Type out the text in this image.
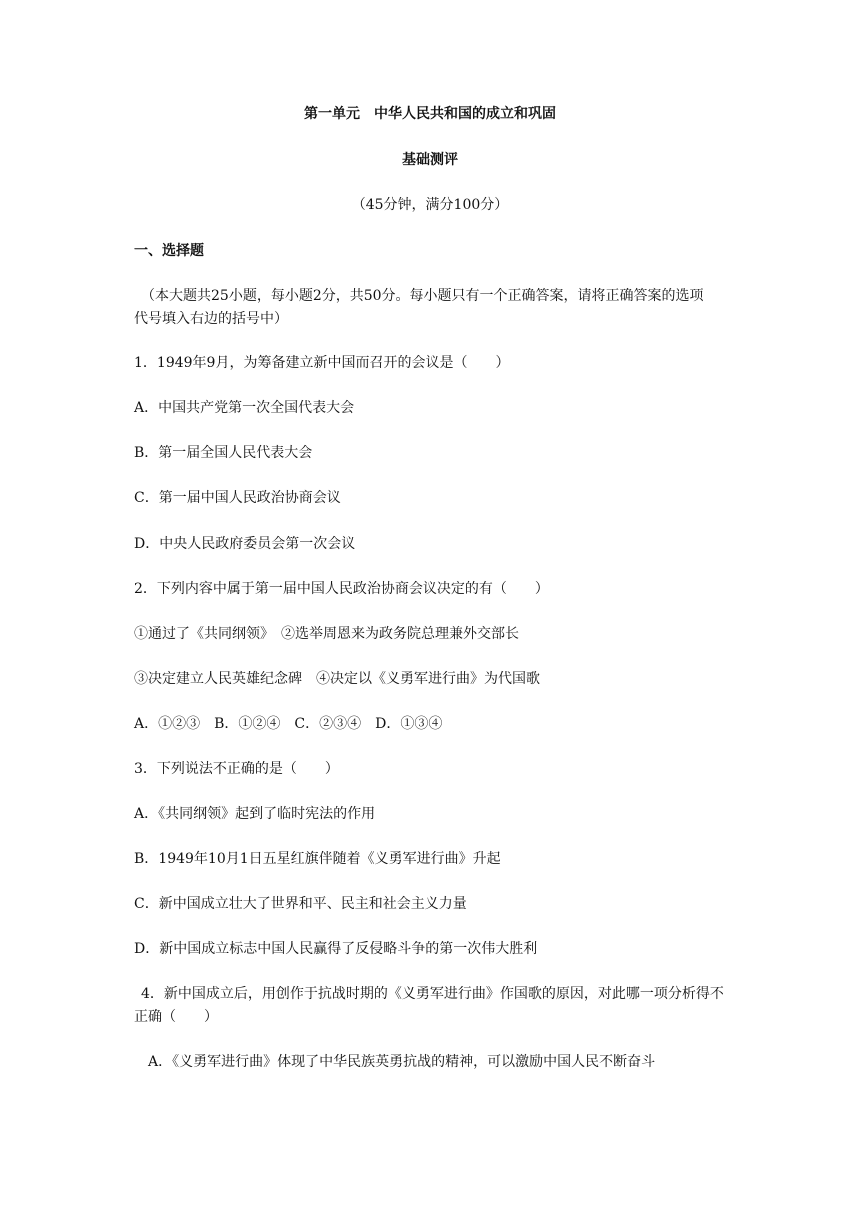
第一单元　中华人民共和国的成立和巩固
基础测评
（45分钟，满分100分）
一、选择题
（本大题共25小题，每小题2分，共50分。每小题只有一个正确答案，请将正确答案的选项
代号填入右边的括号中）
1．1949年9月，为筹备建立新中国而召开的会议是（　　）
A．中国共产党第一次全国代表大会
B．第一届全国人民代表大会
C．第一届中国人民政治协商会议
D．中央人民政府委员会第一次会议
2．下列内容中属于第一届中国人民政治协商会议决定的有（　　）
①通过了《共同纲领》　②选举周恩来为政务院总理兼外交部长
③决定建立人民英雄纪念碑　④决定以《义勇军进行曲》为代国歌
A．①②③　B．①②④　C．②③④　D．①③④
3．下列说法不正确的是（　　）
A．《共同纲领》起到了临时宪法的作用
B．1949年10月1日五星红旗伴随着《义勇军进行曲》升起
C．新中国成立壮大了世界和平、民主和社会主义力量
D．新中国成立标志中国人民赢得了反侵略斗争的第一次伟大胜利
4．新中国成立后，用创作于抗战时期的《义勇军进行曲》作国歌的原因，对此哪一项分析得不
正确（　　）
A．《义勇军进行曲》体现了中华民族英勇抗战的精神，可以激励中国人民不断奋斗
